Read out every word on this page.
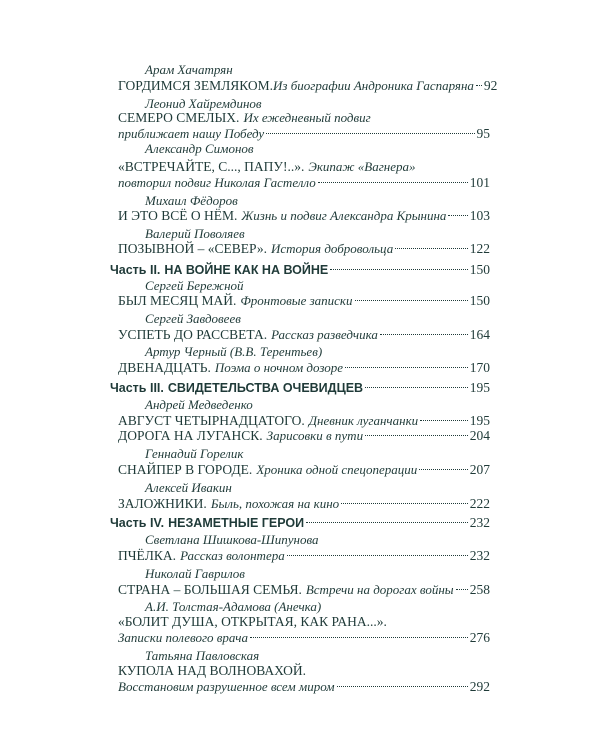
Арам Хачатрян
ГОРДИМСЯ ЗЕМЛЯКОМ. Из биографии Андроника Гаспаряна 92
Леонид Хайремдинов
СЕМЕРО СМЕЛЫХ. Их ежедневный подвиг
приближает нашу Победу	95
Александр Симонов
«ВСТРЕЧАЙТЕ, С..., ПАПУ!..». Экипаж «Вагнера»
повторил подвиг Николая Гастелло	101
Михаил Фёдоров
И ЭТО ВСЁ О НЁМ. Жизнь и подвиг Александра Крынина 103
Валерий Поволяев
ПОЗЫВНОЙ – «СЕВЕР». История добровольца	122
Часть II. НА ВОЙНЕ КАК НА ВОЙНЕ	150
Сергей Бережной
БЫЛ МЕСЯЦ МАЙ. Фронтовые записки	150
Сергей Завдовеев
УСПЕТЬ ДО РАССВЕТА. Рассказ разведчика	164
Артур Черный (В.В. Терентьев)
ДВЕНАДЦАТЬ. Поэма о ночном дозоре	170
Часть III. СВИДЕТЕЛЬСТВА ОЧЕВИДЦЕВ	195
Андрей Медведенко
АВГУСТ ЧЕТЫРНАДЦАТОГО. Дневник луганчанки	195
ДОРОГА НА ЛУГАНСК. Зарисовки в пути	204
Геннадий Горелик
СНАЙПЕР В ГОРОДЕ. Хроника одной спецоперации	207
Алексей Ивакин
ЗАЛОЖНИКИ. Быль, похожая на кино	222
Часть IV. НЕЗАМЕТНЫЕ ГЕРОИ	232
Светлана Шишкова-Шипунова
ПЧЁЛКА. Рассказ волонтера	232
Николай Гаврилов
СТРАНА – БОЛЬШАЯ СЕМЬЯ. Встречи на дорогах войны 258
А.И. Толстая-Адамова (Анечка)
«БОЛИТ ДУША, ОТКРЫТАЯ, КАК РАНА...».
Записки полевого врача	276
Татьяна Павловская
КУПОЛА НАД ВОЛНОВАХОЙ.
Восстановим разрушенное всем миром	292
